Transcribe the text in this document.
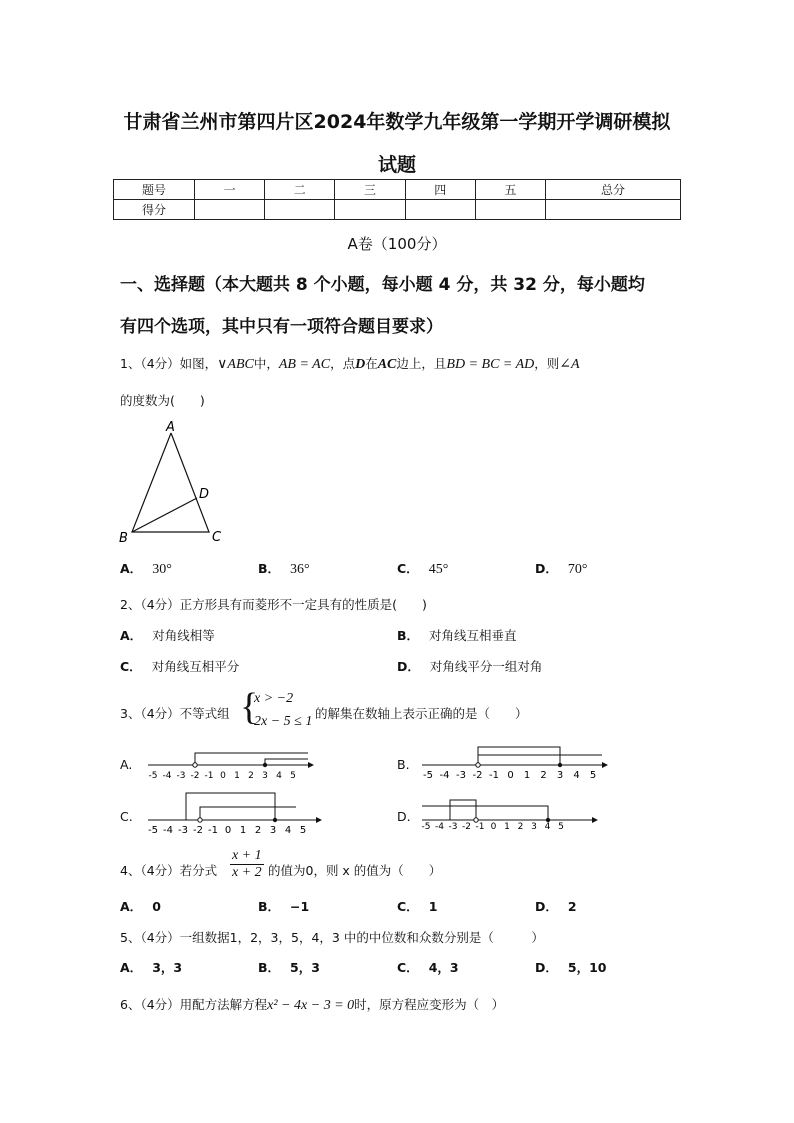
甘肃省兰州市第四片区2024年数学九年级第一学期开学调研模拟
试题
题号	一	二	三	四	五	总分
得分						
A卷（100分）
一、选择题（本大题共 8 个小题，每小题 4 分，共 32 分，每小题均
有四个选项，其中只有一项符合题目要求）
1、（4分）如图，∨ABC中，AB = AC，点D在AC边上，且BD = BC = AD，则∠A
的度数为(　　)
A
B	C
D
A． 30°	B． 36°	C． 45°	D． 70°
2、（4分）正方形具有而菱形不一定具有的性质是(　　)
A． 对角线相等	B． 对角线互相垂直
C． 对角线互相平分	D． 对角线平分一组对角
3、（4分）不等式组 {
x > −2
2x − 5 ≤ 1
的解集在数轴上表示正确的是（　　）
A.
-5 -4 -3 -2 -1 0 1 2 3 4 5
B.
-5 -4 -3 -2 -1 0 1 2 3 4 5
C.
-5 -4 -3 -2 -1 0 1 2 3 4 5
D.
-5 -4 -3 -2 -1 0 1 2 3 4 5
4、（4分）若分式 $\frac{x + 1}{x + 2}$ 的值为0，则 x 的值为（　　）
A． 0	B． −1	C． 1	D． 2
5、（4分）一组数据1，2，3，5，4，3 中的中位数和众数分别是（　　　）
A． 3，3	B． 5，3	C． 4，3	D． 5，10
6、（4分）用配方法解方程x² − 4x − 3 = 0时，原方程应变形为（　）
